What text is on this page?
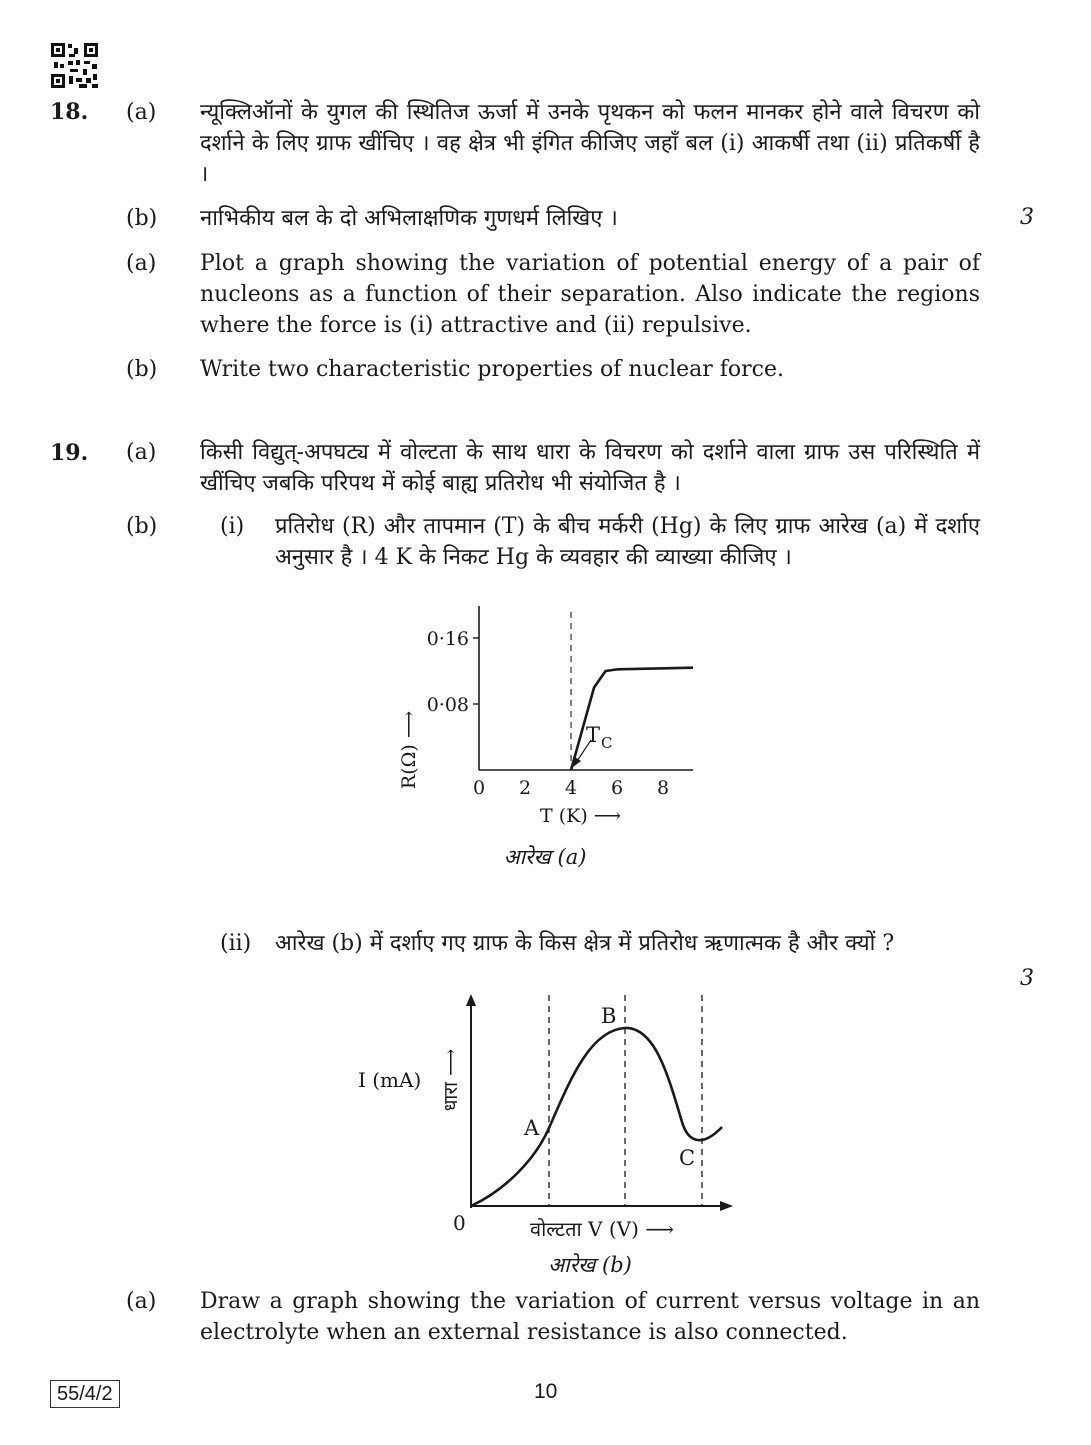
18. (a) न्यूक्लिऑनों के युगल की स्थितिज ऊर्जा में उनके पृथकन को फलन मानकर होने वाले विचरण को दर्शाने के लिए ग्राफ खींचिए । वह क्षेत्र भी इंगित कीजिए जहाँ बल (i) आकर्षी तथा (ii) प्रतिकर्षी है ।
(b) नाभिकीय बल के दो अभिलाक्षणिक गुणधर्म लिखिए ।	3
(a) Plot a graph showing the variation of potential energy of a pair of nucleons as a function of their separation. Also indicate the regions where the force is (i) attractive and (ii) repulsive.
(b) Write two characteristic properties of nuclear force.
19. (a) किसी विद्युत्-अपघट्य में वोल्टता के साथ धारा के विचरण को दर्शाने वाला ग्राफ उस परिस्थिति में खींचिए जबकि परिपथ में कोई बाह्य प्रतिरोध भी संयोजित है ।
(b)	(i) प्रतिरोध (R) और तापमान (T) के बीच मर्करी (Hg) के लिए ग्राफ आरेख (a) में दर्शाए अनुसार है । 4 K के निकट Hg के व्यवहार की व्याख्या कीजिए ।
0 2 4 6 8
0·08
0·16
T C
R(Ω) ⟶
T (K) ⟶
आरेख (a)
(ii) आरेख (b) में दर्शाए गए ग्राफ के किस क्षेत्र में प्रतिरोध ऋणात्मक है और क्यों ?
3
A
B
C
0
I (mA) धारा ⟶
वोल्टता V (V) ⟶
आरेख (b)
(a) Draw a graph showing the variation of current versus voltage in an electrolyte when an external resistance is also connected.
55/4/2	10
